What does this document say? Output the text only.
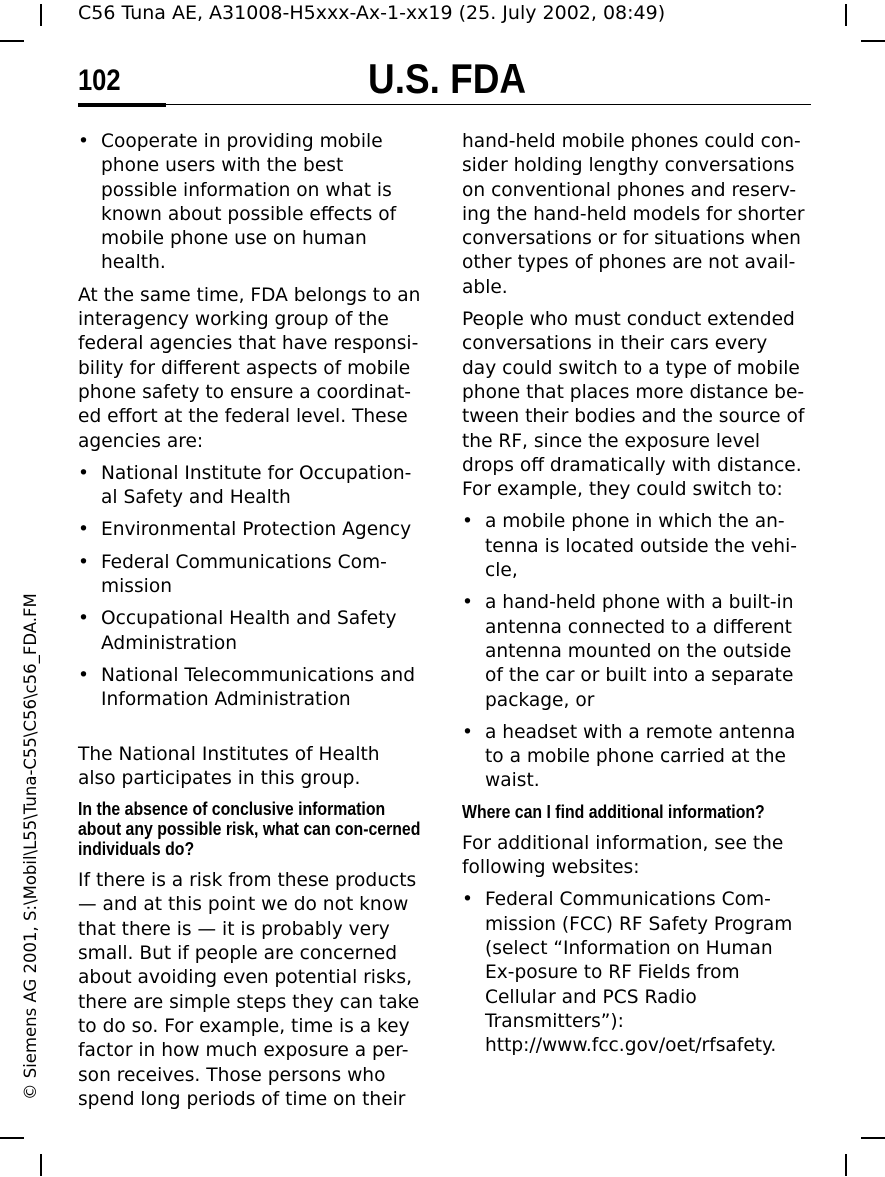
C56 Tuna AE, A31008-H5xxx-Ax-1-xx19 (25. July 2002, 08:49)
102	U.S. FDA
© Siemens AG 2001, S:\Mobil\L55\Tuna-C55\C56\c56_FDA.FM
• Cooperate in providing mobile phone users with the best possible information on what is known about possible effects of mobile phone use on human health.

At the same time, FDA belongs to an interagency working group of the federal agencies that have responsi-bility for different aspects of mobile phone safety to ensure a coordinat-ed effort at the federal level. These agencies are:

• National Institute for Occupation-al Safety and Health
• Environmental Protection Agency
• Federal Communications Com-mission
• Occupational Health and Safety Administration
• National Telecommunications and Information Administration

The National Institutes of Health also participates in this group.

In the absence of conclusive information about any possible risk, what can con-cerned individuals do?

If there is a risk from these products — and at this point we do not know that there is — it is probably very small. But if people are concerned about avoiding even potential risks, there are simple steps they can take to do so. For example, time is a key factor in how much exposure a per-son receives. Those persons who spend long periods of time on their

hand-held mobile phones could con-sider holding lengthy conversations on conventional phones and reserv-ing the hand-held models for shorter conversations or for situations when other types of phones are not avail-able.

People who must conduct extended conversations in their cars every day could switch to a type of mobile phone that places more distance be-tween their bodies and the source of the RF, since the exposure level drops off dramatically with distance. For example, they could switch to:

• a mobile phone in which the an-tenna is located outside the vehi-cle,
• a hand-held phone with a built-in antenna connected to a different antenna mounted on the outside of the car or built into a separate package, or
• a headset with a remote antenna to a mobile phone carried at the waist.
Where can I find additional information?

For additional information, see the following websites:

• Federal Communications Com-mission (FCC) RF Safety Program (select “Information on Human Ex-posure to RF Fields from Cellular and PCS Radio Transmitters”): http://www.fcc.gov/oet/rfsafety.
